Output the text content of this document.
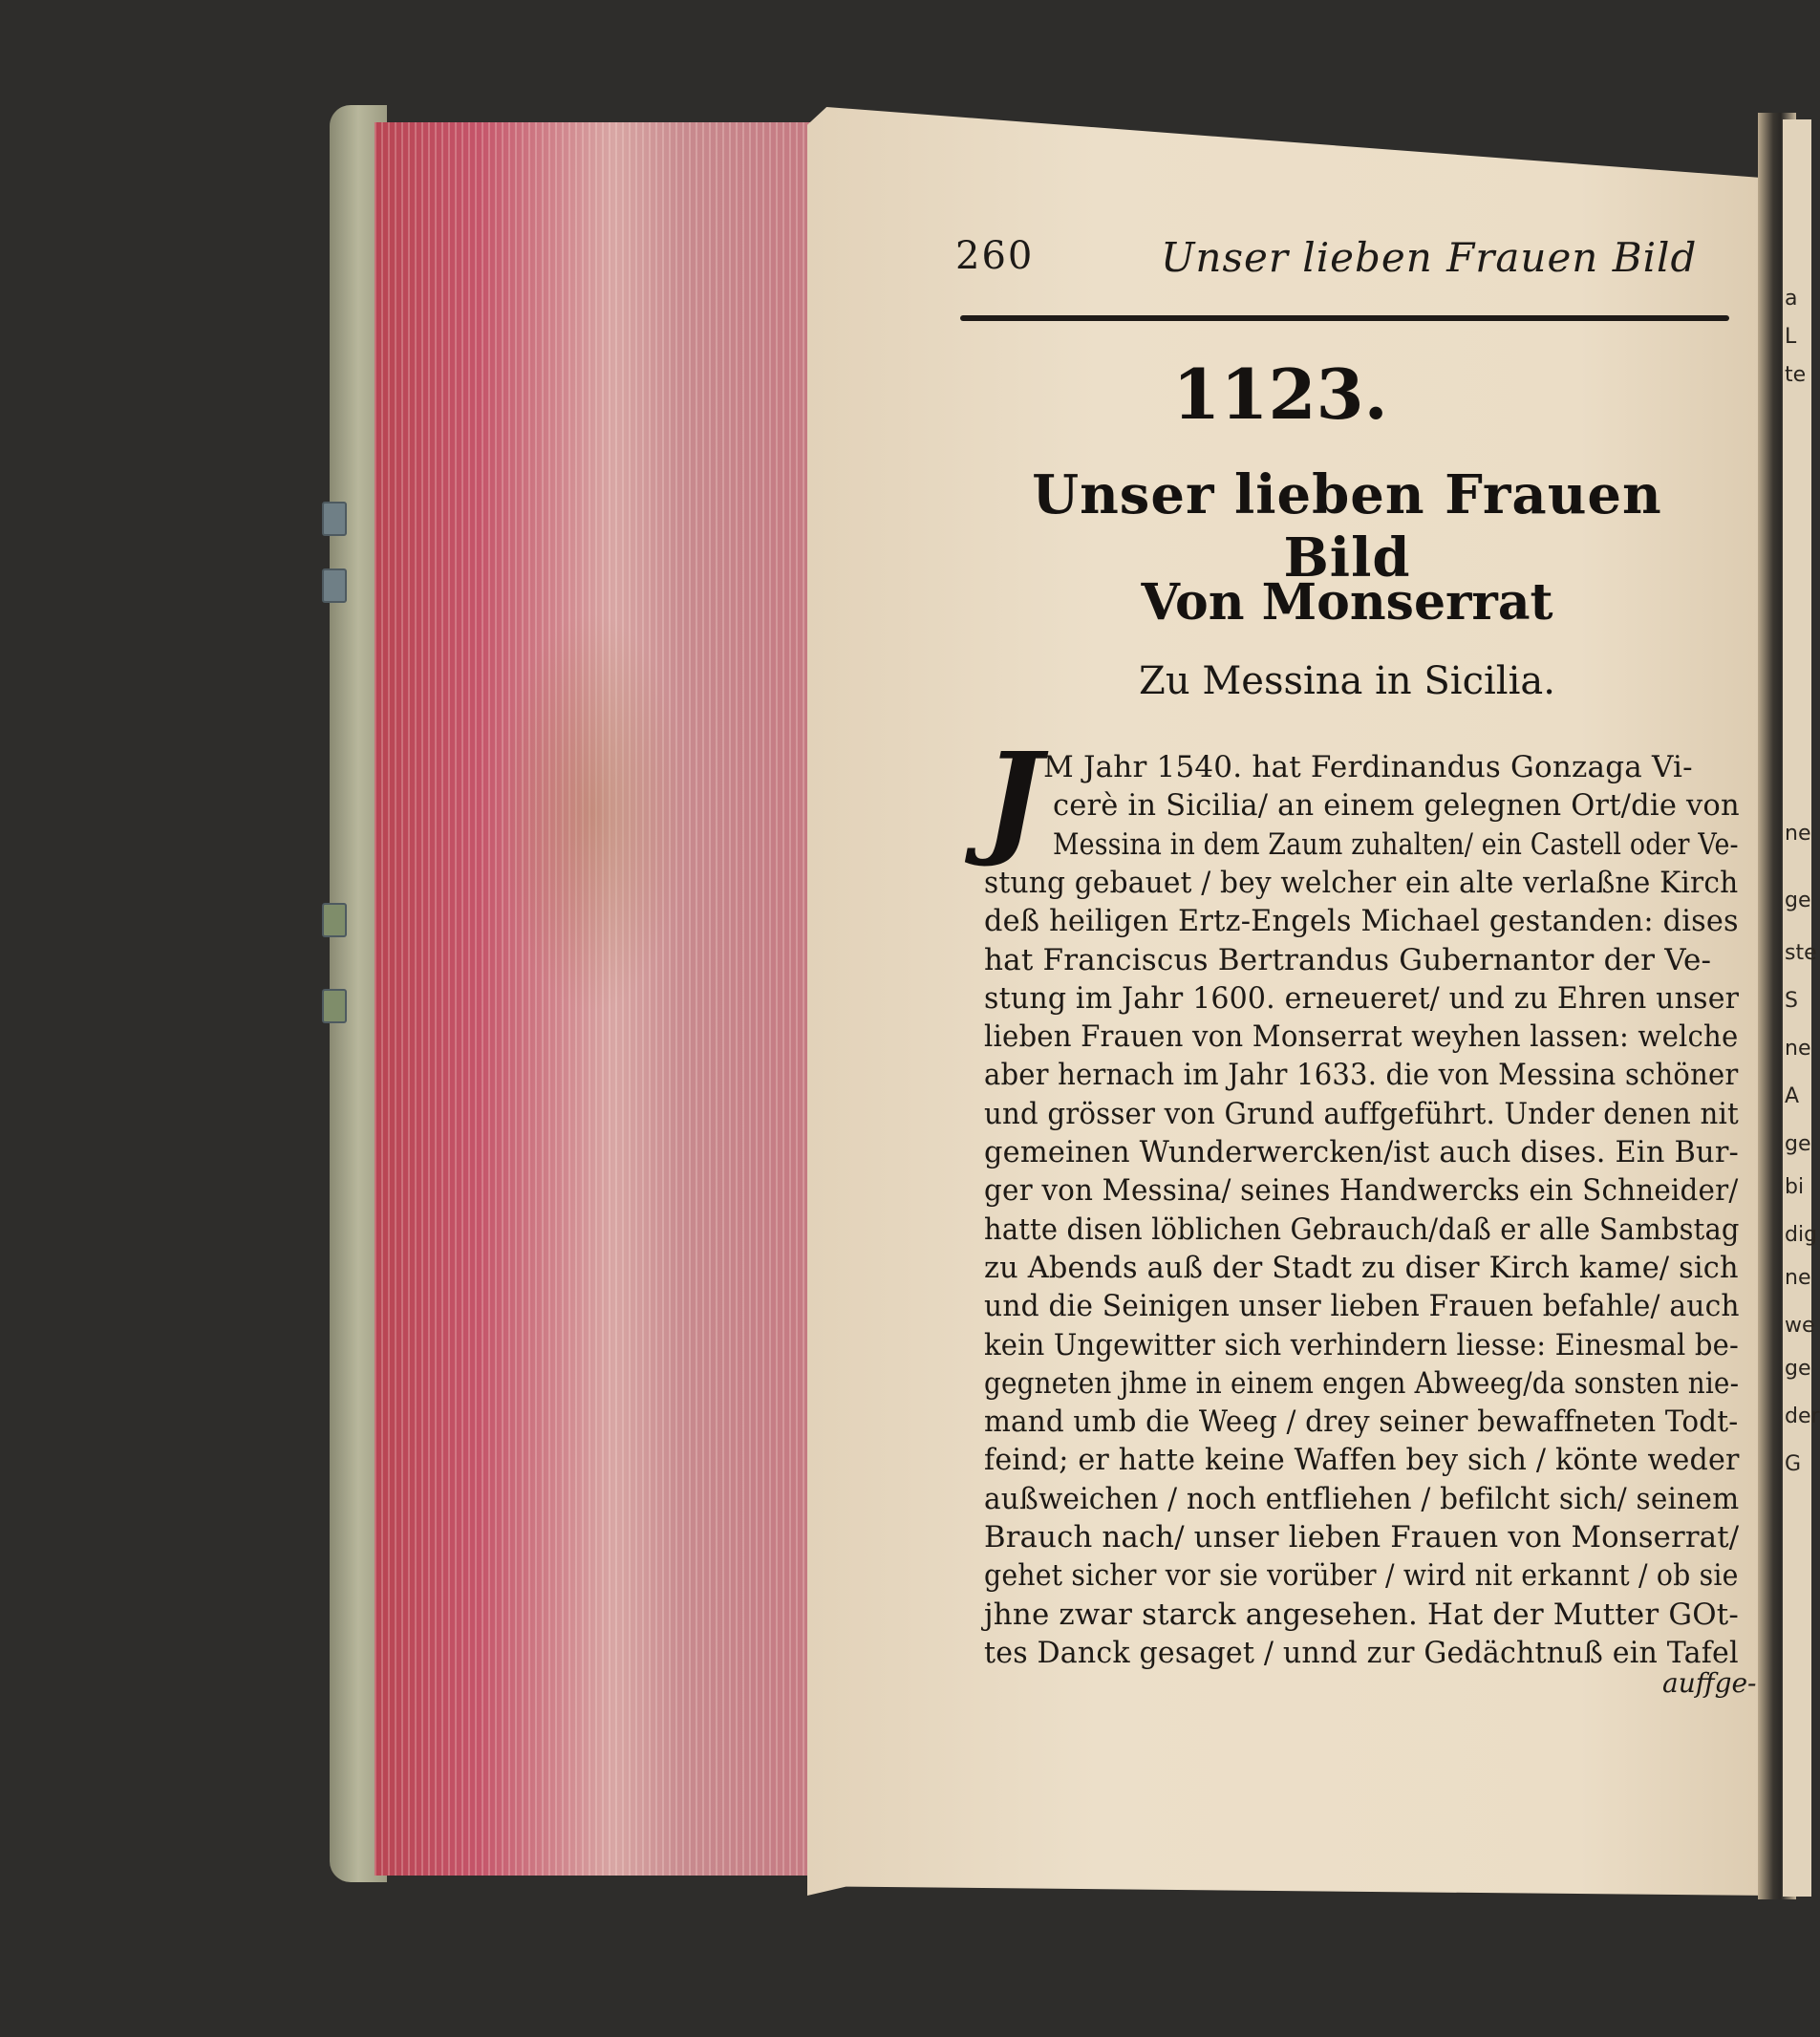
a
L
te
ne
ge
ste
S
ne
A
ge
bi
dig
ne
we
ge
der
G
260	Unser lieben Frauen Bild
1123.
Unser lieben Frauen Bild
Von Monserrat
Zu Messina in Sicilia.
J M Jahr 1540. hat Ferdinandus Gonzaga Vi-
cerè in Sicilia/ an einem gelegnen Ort/die von
Messina in dem Zaum zuhalten/ ein Castell oder Ve-
stung gebauet / bey welcher ein alte verlaßne Kirch
deß heiligen Ertz-Engels Michael gestanden: dises
hat Franciscus Bertrandus Gubernantor der Ve-
stung im Jahr 1600. erneueret/ und zu Ehren unser
lieben Frauen von Monserrat weyhen lassen: welche
aber hernach im Jahr 1633. die von Messina schöner
und grösser von Grund auffgeführt. Under denen nit
gemeinen Wunderwercken/ist auch dises. Ein Bur-
ger von Messina/ seines Handwercks ein Schneider/
hatte disen löblichen Gebrauch/daß er alle Sambstag
zu Abends auß der Stadt zu diser Kirch kame/ sich
und die Seinigen unser lieben Frauen befahle/ auch
kein Ungewitter sich verhindern liesse: Einesmal be-
gegneten jhme in einem engen Abweeg/da sonsten nie-
mand umb die Weeg / drey seiner bewaffneten Todt-
feind; er hatte keine Waffen bey sich / könte weder
außweichen / noch entfliehen / befilcht sich/ seinem
Brauch nach/ unser lieben Frauen von Monserrat/
gehet sicher vor sie vorüber / wird nit erkannt / ob sie
jhne zwar starck angesehen. Hat der Mutter GOt-
tes Danck gesaget / unnd zur Gedächtnuß ein Tafel
auffge-
